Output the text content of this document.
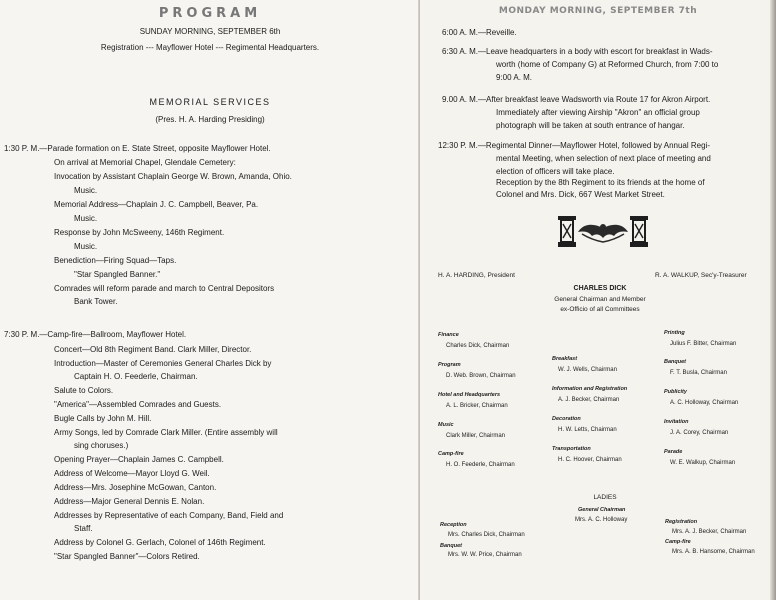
PROGRAM
SUNDAY MORNING, SEPTEMBER 6th
Registration --- Mayflower Hotel --- Regimental Headquarters.
MEMORIAL SERVICES
(Pres. H. A. Harding Presiding)
1:30 P. M.—Parade formation on E. State Street, opposite Mayflower Hotel.
On arrival at Memorial Chapel, Glendale Cemetery:
Invocation by Assistant Chaplain George W. Brown, Amanda, Ohio.
Music.
Memorial Address—Chaplain J. C. Campbell, Beaver, Pa.
Music.
Response by John McSweeny, 146th Regiment.
Music.
Benediction—Firing Squad—Taps.
"Star Spangled Banner."
Comrades will reform parade and march to Central Depositors
Bank Tower.
7:30 P. M.—Camp-fire—Ballroom, Mayflower Hotel.
Concert—Old 8th Regiment Band. Clark Miller, Director.
Introduction—Master of Ceremonies General Charles Dick by
Captain H. O. Feederle, Chairman.
Salute to Colors.
"America"—Assembled Comrades and Guests.
Bugle Calls by John M. Hill.
Army Songs, led by Comrade Clark Miller. (Entire assembly will
sing choruses.)
Opening Prayer—Chaplain James C. Campbell.
Address of Welcome—Mayor Lloyd G. Weil.
Address—Mrs. Josephine McGowan, Canton.
Address—Major General Dennis E. Nolan.
Addresses by Representative of each Company, Band, Field and
Staff.
Address by Colonel G. Gerlach, Colonel of 146th Regiment.
"Star Spangled Banner"—Colors Retired.
MONDAY MORNING, SEPTEMBER 7th
6:00 A. M.—Reveille.
6:30 A. M.—Leave headquarters in a body with escort for breakfast in Wads-
worth (home of Company G) at Reformed Church, from 7:00 to
9:00 A. M.
9.00 A. M.—After breakfast leave Wadsworth via Route 17 for Akron Airport.
Immediately after viewing Airship "Akron" an official group
photograph will be taken at south entrance of hangar.
12:30 P. M.—Regimental Dinner—Mayflower Hotel, followed by Annual Regi-
mental Meeting, when selection of next place of meeting and
election of officers will take place.
Reception by the 8th Regiment to its friends at the home of
Colonel and Mrs. Dick, 667 West Market Street.
H. A. HARDING, President	R. A. WALKUP, Sec'y-Treasurer
CHARLES DICK
General Chairman and Member
ex-Officio of all Committees
Finance
Charles Dick, Chairman
Program
D. Web. Brown, Chairman
Hotel and Headquarters
A. L. Bricker, Chairman
Music
Clark Miller, Chairman
Camp-fire
H. O. Feederle, Chairman
Breakfast
W. J. Wells, Chairman
Information and Registration
A. J. Becker, Chairman
Decoration
H. W. Letts, Chairman
Transportation
H. C. Hoover, Chairman
Printing
Julius F. Bitter, Chairman
Banquet
F. T. Busla, Chairman
Publicity
A. C. Holloway, Chairman
Invitation
J. A. Corey, Chairman
Parade
W. E. Walkup, Chairman
LADIES
General Chairman
Mrs. A. C. Holloway
Reception
Mrs. Charles Dick, Chairman
Banquet
Mrs. W. W. Price, Chairman
Registration
Mrs. A. J. Becker, Chairman
Camp-fire
Mrs. A. B. Hansome, Chairman
